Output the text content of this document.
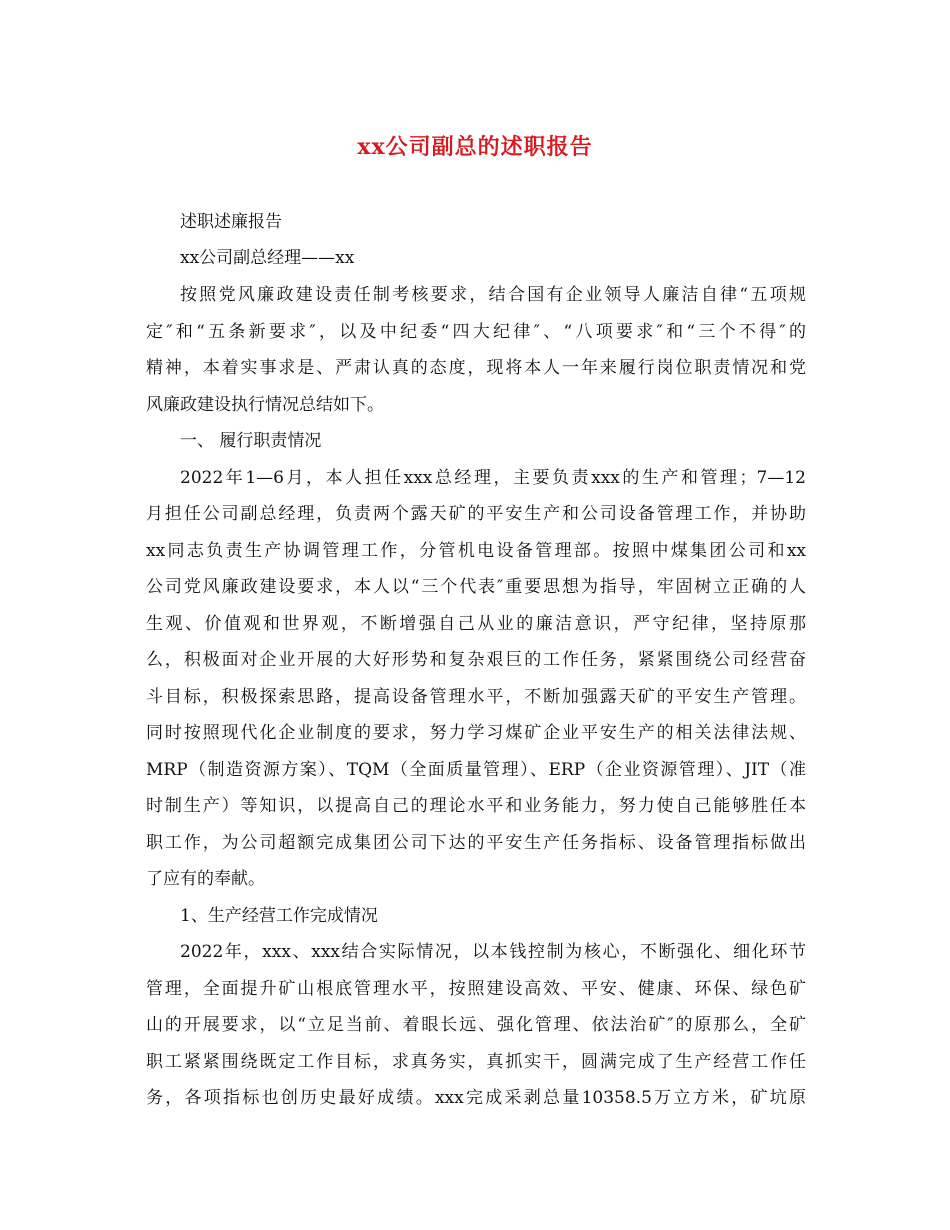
xx公司副总的述职报告
述职述廉报告
xx公司副总经理——xx
按照党风廉政建设责任制考核要求，结合国有企业领导人廉洁自律“五项规
定″和“五条新要求″，以及中纪委“四大纪律″、“八项要求″和“三个不得″的
精神，本着实事求是、严肃认真的态度，现将本人一年来履行岗位职责情况和党
风廉政建设执行情况总结如下。
一、 履行职责情况
2022年1—6月，本人担任xxx总经理，主要负责xxx的生产和管理；7—12
月担任公司副总经理，负责两个露天矿的平安生产和公司设备管理工作，并协助
xx同志负责生产协调管理工作，分管机电设备管理部。按照中煤集团公司和xx
公司党风廉政建设要求，本人以“三个代表″重要思想为指导，牢固树立正确的人
生观、价值观和世界观，不断增强自己从业的廉洁意识，严守纪律，坚持原那
么，积极面对企业开展的大好形势和复杂艰巨的工作任务，紧紧围绕公司经营奋
斗目标，积极探索思路，提高设备管理水平，不断加强露天矿的平安生产管理。
同时按照现代化企业制度的要求，努力学习煤矿企业平安生产的相关法律法规、
MRP（制造资源方案）、TQM（全面质量管理）、ERP（企业资源管理）、JIT（准
时制生产）等知识，以提高自己的理论水平和业务能力，努力使自己能够胜任本
职工作，为公司超额完成集团公司下达的平安生产任务指标、设备管理指标做出
了应有的奉献。
1、生产经营工作完成情况
2022年，xxx、xxx结合实际情况，以本钱控制为核心，不断强化、细化环节
管理，全面提升矿山根底管理水平，按照建设高效、平安、健康、环保、绿色矿
山的开展要求，以“立足当前、着眼长远、强化管理、依法治矿″的原那么，全矿
职工紧紧围绕既定工作目标，求真务实，真抓实干，圆满完成了生产经营工作任
务，各项指标也创历史最好成绩。xxx完成采剥总量10358.5万立方米，矿坑原
